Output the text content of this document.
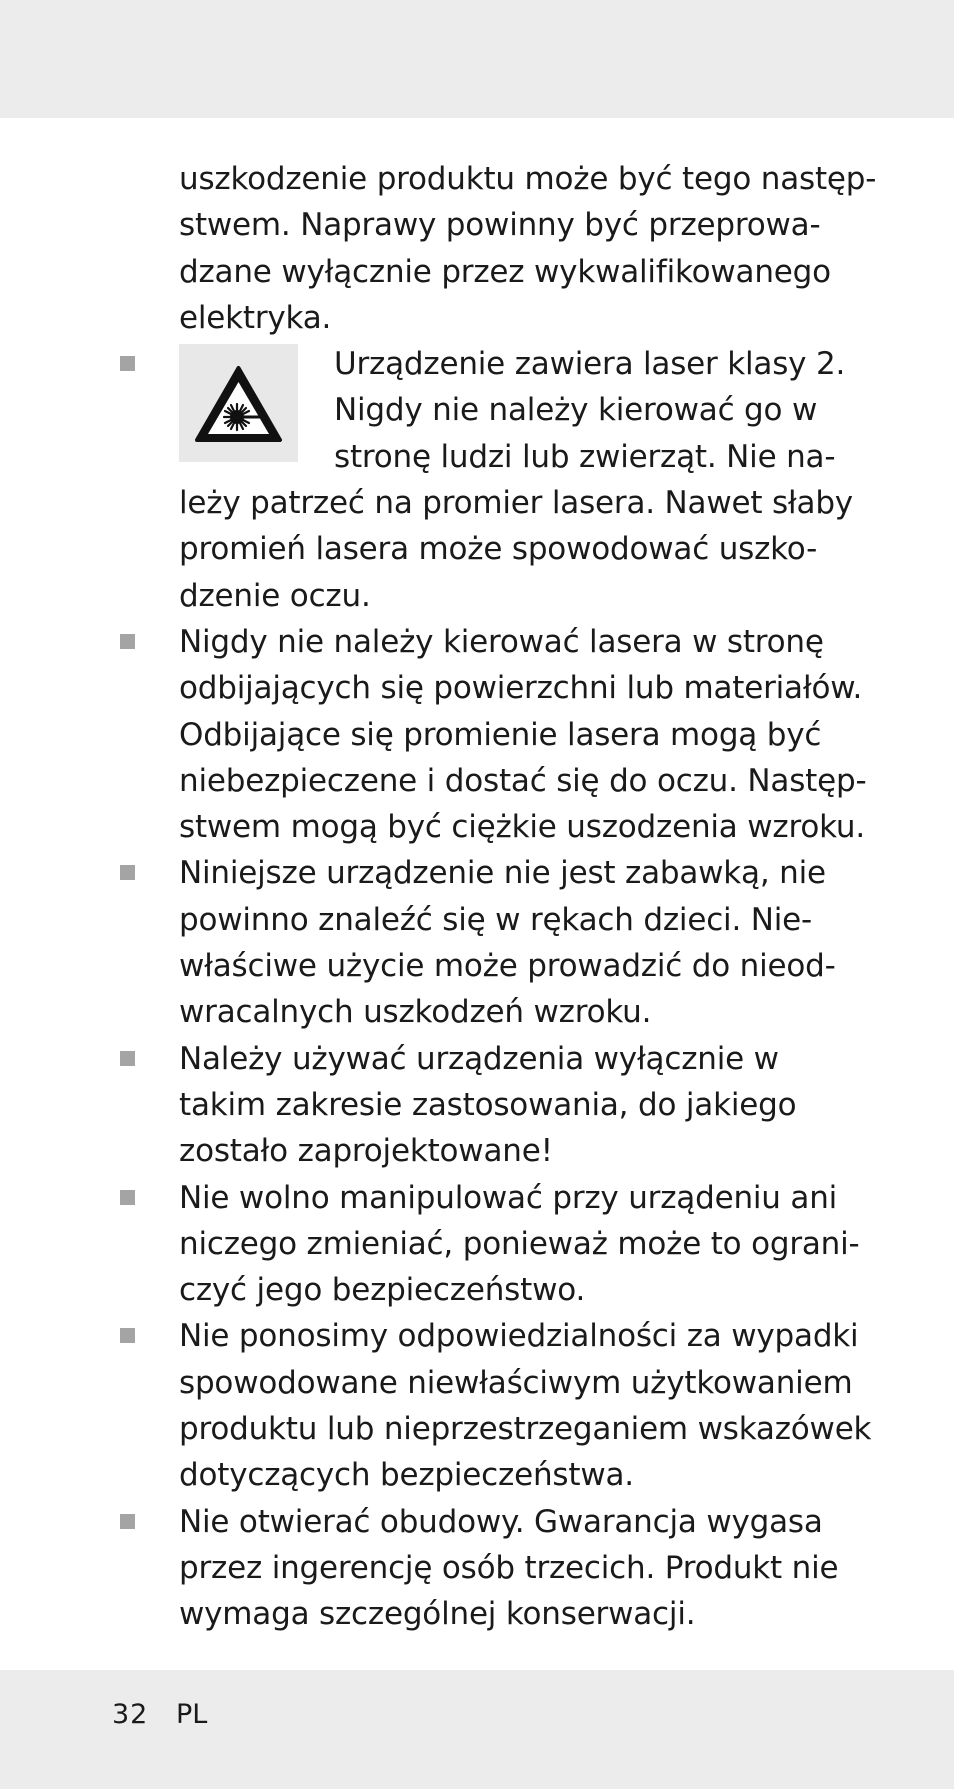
uszkodzenie produktu może być tego następ-
stwem. Naprawy powinny być przeprowa-
dzane wyłącznie przez wykwalifikowanego
elektryka.
Urządzenie zawiera laser klasy 2.
Nigdy nie należy kierować go w
stronę ludzi lub zwierząt. Nie na-
leży patrzeć na promier lasera. Nawet słaby
promień lasera może spowodować uszko-
dzenie oczu.
Nigdy nie należy kierować lasera w stronę
odbijających się powierzchni lub materiałów.
Odbijające się promienie lasera mogą być
niebezpieczene i dostać się do oczu. Następ-
stwem mogą być ciężkie uszodzenia wzroku.
Niniejsze urządzenie nie jest zabawką, nie
powinno znaleźć się w rękach dzieci. Nie-
właściwe użycie może prowadzić do nieod-
wracalnych uszkodzeń wzroku.
Należy używać urządzenia wyłącznie w
takim zakresie zastosowania, do jakiego
zostało zaprojektowane!
Nie wolno manipulować przy urządeniu ani
niczego zmieniać, ponieważ może to ograni-
czyć jego bezpieczeństwo.
Nie ponosimy odpowiedzialności za wypadki
spowodowane niewłaściwym użytkowaniem
produktu lub nieprzestrzeganiem wskazówek
dotyczących bezpieczeństwa.
Nie otwierać obudowy. Gwarancja wygasa
przez ingerencję osób trzecich. Produkt nie
wymaga szczególnej konserwacji.
32 PL
